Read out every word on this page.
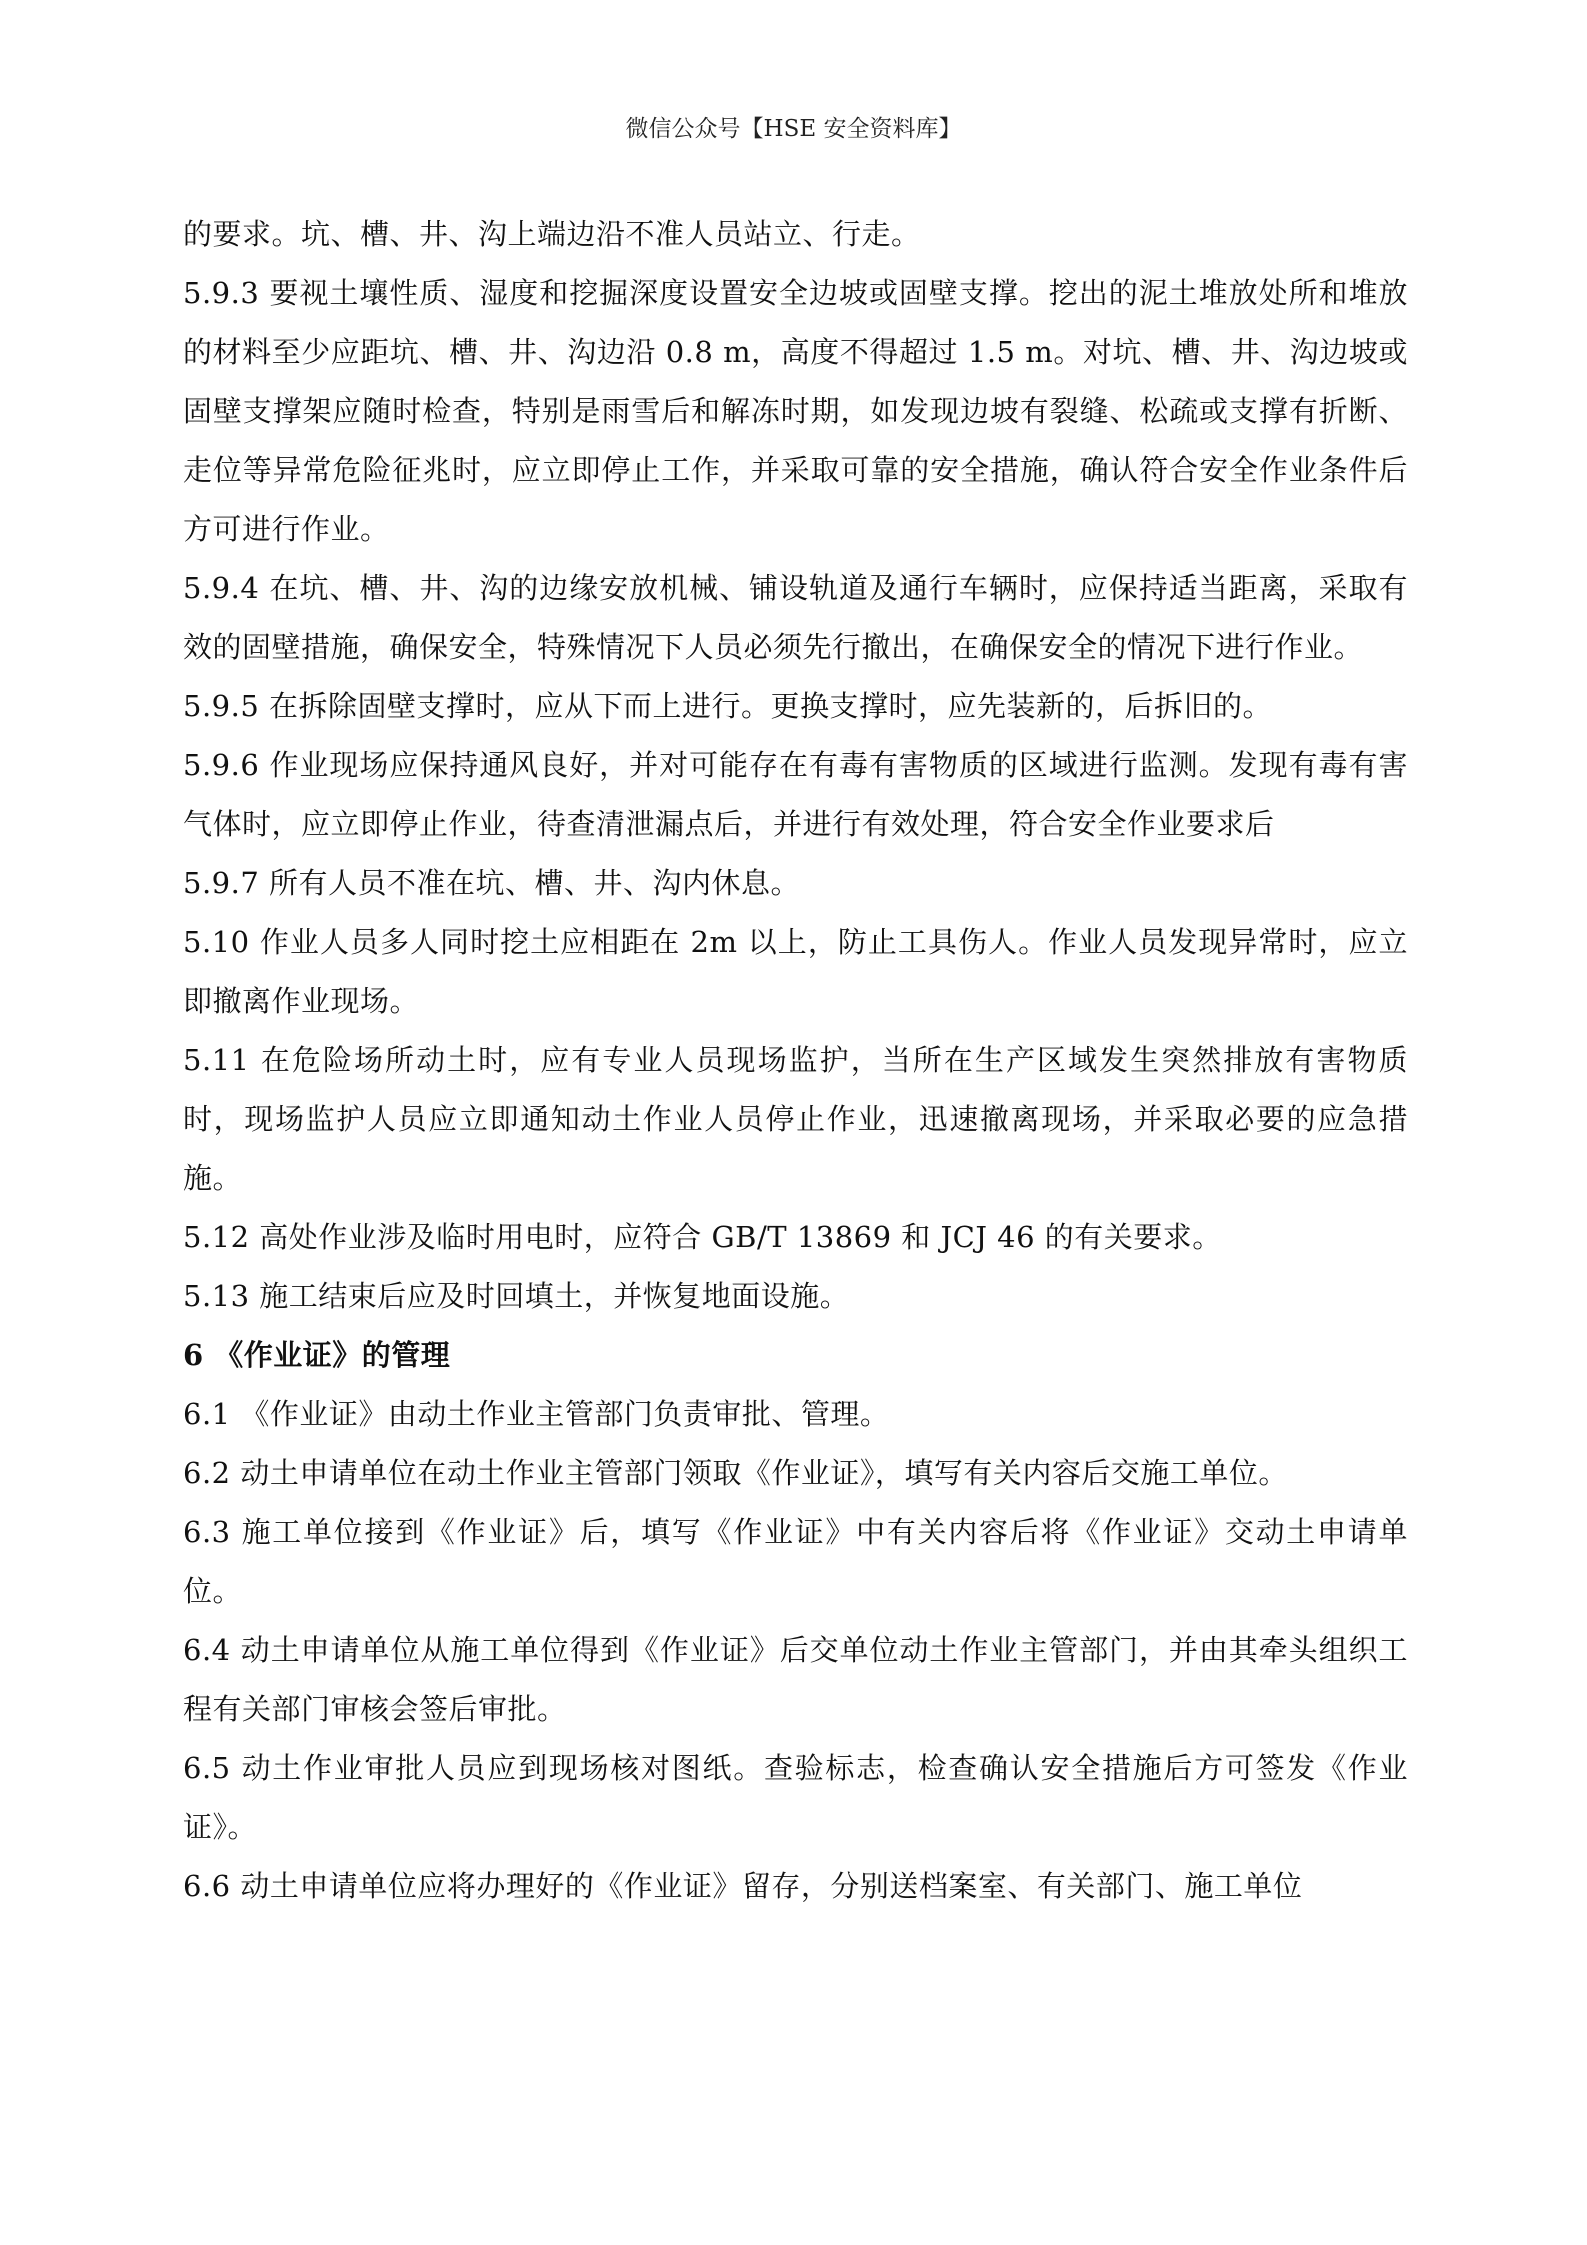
微信公众号【HSE 安全资料库】

的要求。坑、槽、井、沟上端边沿不准人员站立、行走。

5.9.3 要视土壤性质、湿度和挖掘深度设置安全边坡或固壁支撑。挖出的泥土堆放处所和堆放的材料至少应距坑、槽、井、沟边沿 0.8 m，高度不得超过 1.5 m。对坑、槽、井、沟边坡或固壁支撑架应随时检查，特别是雨雪后和解冻时期，如发现边坡有裂缝、松疏或支撑有折断、走位等异常危险征兆时，应立即停止工作，并采取可靠的安全措施，确认符合安全作业条件后方可进行作业。

5.9.4 在坑、槽、井、沟的边缘安放机械、铺设轨道及通行车辆时，应保持适当距离，采取有效的固壁措施，确保安全，特殊情况下人员必须先行撤出，在确保安全的情况下进行作业。

5.9.5 在拆除固壁支撑时，应从下而上进行。更换支撑时，应先装新的，后拆旧的。

5.9.6 作业现场应保持通风良好，并对可能存在有毒有害物质的区域进行监测。发现有毒有害气体时，应立即停止作业，待查清泄漏点后，并进行有效处理，符合安全作业要求后

5.9.7 所有人员不准在坑、槽、井、沟内休息。

5.10 作业人员多人同时挖土应相距在 2m 以上，防止工具伤人。作业人员发现异常时，应立即撤离作业现场。

5.11 在危险场所动土时，应有专业人员现场监护，当所在生产区域发生突然排放有害物质时，现场监护人员应立即通知动土作业人员停止作业，迅速撤离现场，并采取必要的应急措施。

5.12 高处作业涉及临时用电时，应符合 GB/T 13869 和 JCJ 46 的有关要求。

5.13 施工结束后应及时回填土，并恢复地面设施。

6 《作业证》的管理

6.1 《作业证》由动土作业主管部门负责审批、管理。

6.2 动土申请单位在动土作业主管部门领取《作业证》，填写有关内容后交施工单位。

6.3 施工单位接到《作业证》后，填写《作业证》中有关内容后将《作业证》交动土申请单位。

6.4 动土申请单位从施工单位得到《作业证》后交单位动土作业主管部门，并由其牵头组织工程有关部门审核会签后审批。

6.5 动土作业审批人员应到现场核对图纸。查验标志，检查确认安全措施后方可签发《作业证》。

6.6 动土申请单位应将办理好的《作业证》留存，分别送档案室、有关部门、施工单位
